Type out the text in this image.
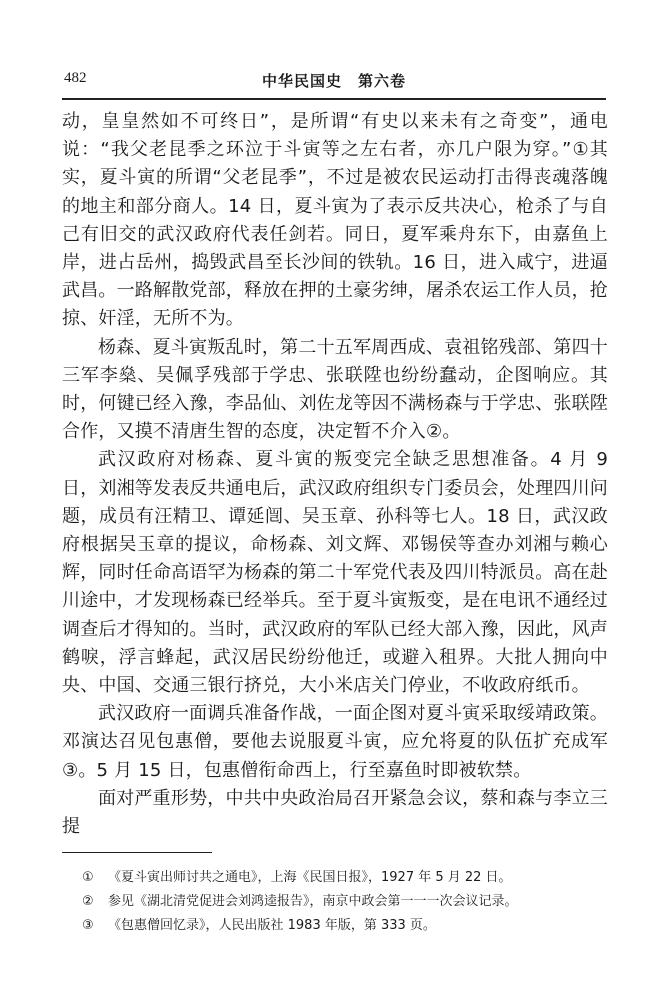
482	中华民国史　第六卷

动，皇皇然如不可终日”，是所谓“有史以来未有之奇变”，通电说：“我父老昆季之环泣于斗寅等之左右者，亦几户限为穿。”①其实，夏斗寅的所谓“父老昆季”，不过是被农民运动打击得丧魂落魄的地主和部分商人。14 日，夏斗寅为了表示反共决心，枪杀了与自己有旧交的武汉政府代表任剑若。同日，夏军乘舟东下，由嘉鱼上岸，进占岳州，捣毁武昌至长沙间的铁轨。16 日，进入咸宁，进逼武昌。一路解散党部，释放在押的土豪劣绅，屠杀农运工作人员，抢掠、奸淫，无所不为。

杨森、夏斗寅叛乱时，第二十五军周西成、袁祖铭残部、第四十三军李燊、吴佩孚残部于学忠、张联陞也纷纷蠢动，企图响应。其时，何键已经入豫，李品仙、刘佐龙等因不满杨森与于学忠、张联陞合作，又摸不清唐生智的态度，决定暂不介入②。

武汉政府对杨森、夏斗寅的叛变完全缺乏思想准备。4 月 9 日，刘湘等发表反共通电后，武汉政府组织专门委员会，处理四川问题，成员有汪精卫、谭延闿、吴玉章、孙科等七人。18 日，武汉政府根据吴玉章的提议，命杨森、刘文辉、邓锡侯等查办刘湘与赖心辉，同时任命高语罕为杨森的第二十军党代表及四川特派员。高在赴川途中，才发现杨森已经举兵。至于夏斗寅叛变，是在电讯不通经过调查后才得知的。当时，武汉政府的军队已经大部入豫，因此，风声鹤唳，浮言蜂起，武汉居民纷纷他迁，或避入租界。大批人拥向中央、中国、交通三银行挤兑，大小米店关门停业，不收政府纸币。

武汉政府一面调兵准备作战，一面企图对夏斗寅采取绥靖政策。邓演达召见包惠僧，要他去说服夏斗寅，应允将夏的队伍扩充成军③。5 月 15 日，包惠僧衔命西上，行至嘉鱼时即被软禁。

面对严重形势，中共中央政治局召开紧急会议，蔡和森与李立三提

① 《夏斗寅出师讨共之通电》，上海《民国日报》，1927 年 5 月 22 日。
② 参见《湖北清党促进会刘鸿逵报告》，南京中政会第一一一次会议记录。
③ 《包惠僧回忆录》，人民出版社 1983 年版，第 333 页。
